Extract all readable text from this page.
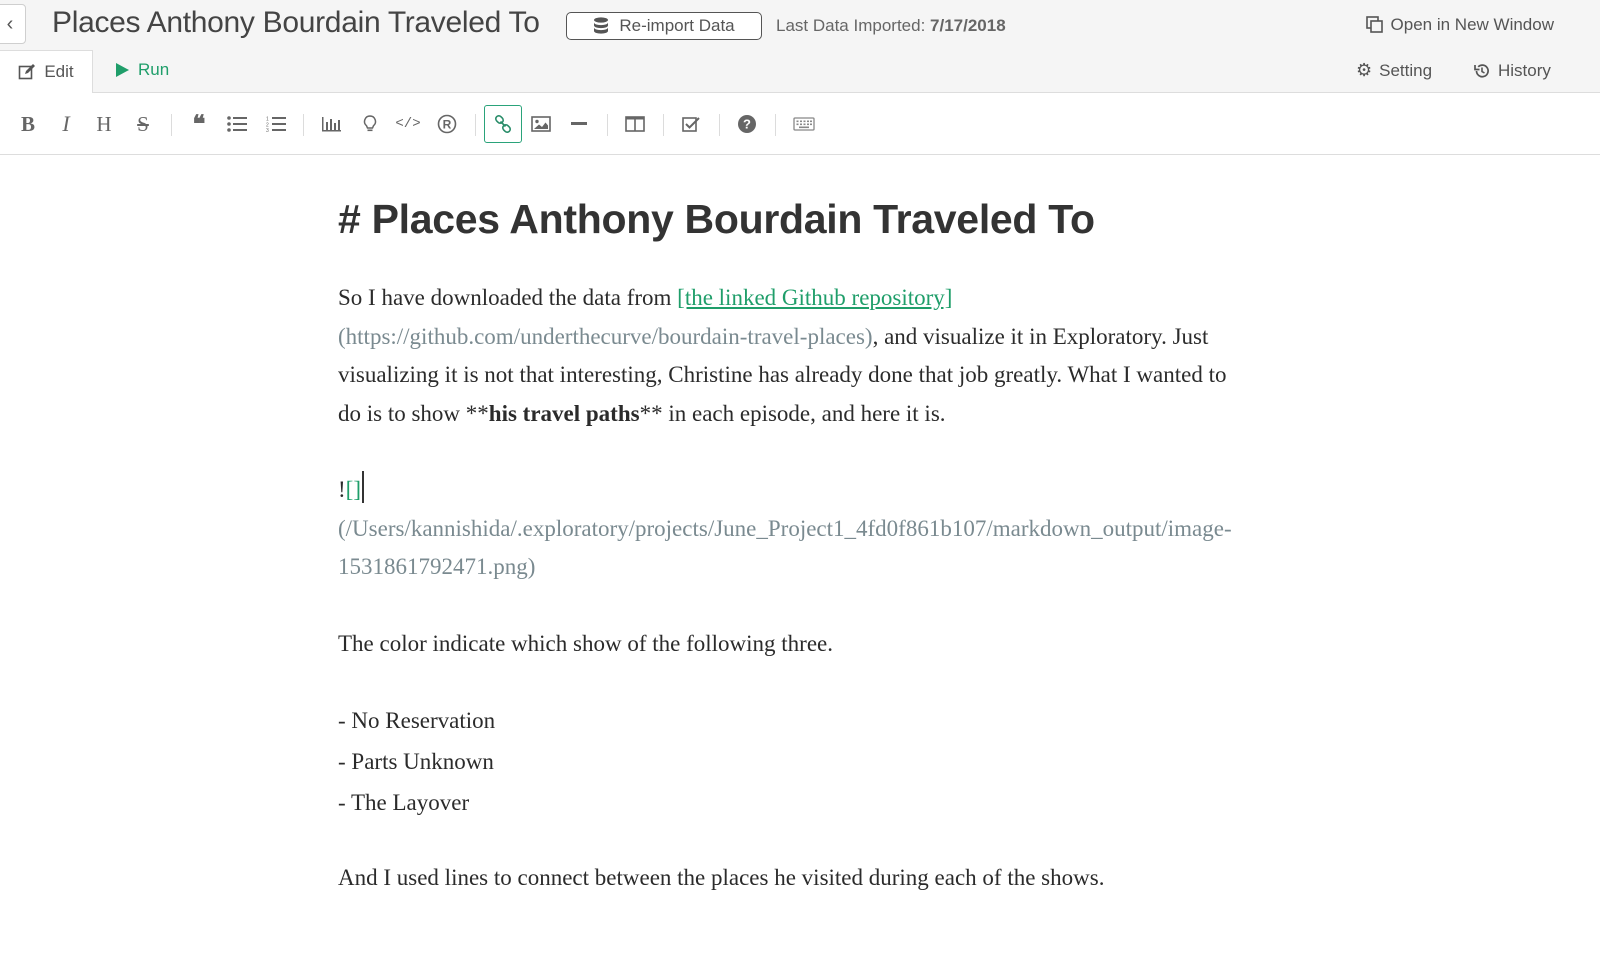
‹ Places Anthony Bourdain Traveled To	Re-import Data Last Data Imported: 7/17/2018	Open in New Window
Edit	Run	⚙ Setting	History
B I H S ❝	1
2
3	</> R	?
# Places Anthony Bourdain Traveled To
So I have downloaded the data from [the linked Github repository](https://github.com/underthecurve/bourdain-travel-places), and visualize it in Exploratory. Just visualizing it is not that interesting, Christine has already done that job greatly. What I wanted to do is to show **his travel paths** in each episode, and here it is.
![]
(/Users/kannishida/.exploratory/projects/June_Project1_4fd0f861b107/markdown_output/image-1531861792471.png)
The color indicate which show of the following three.
- No Reservation
- Parts Unknown
- The Layover
And I used lines to connect between the places he visited during each of the shows.
